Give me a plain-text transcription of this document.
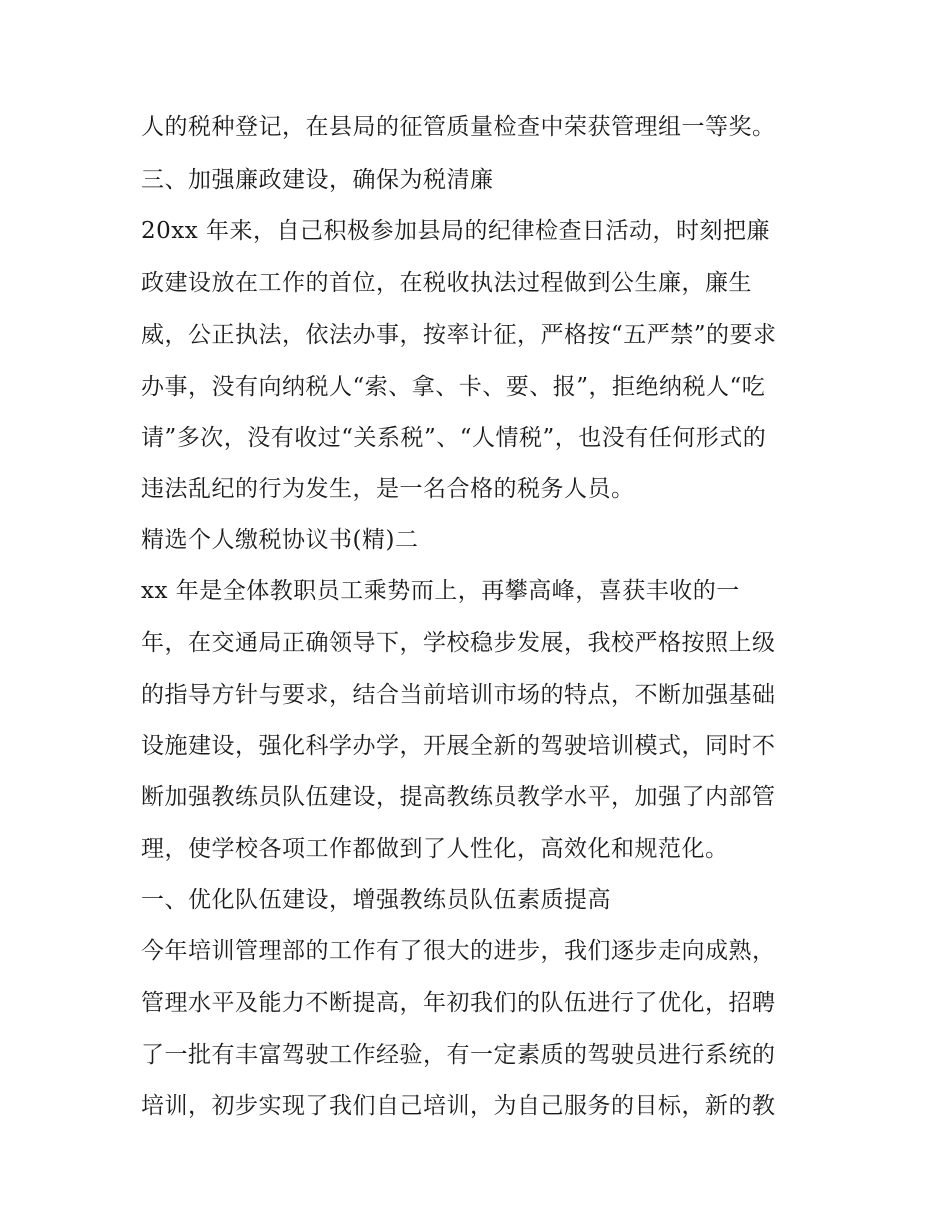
人的税种登记，在县局的征管质量检查中荣获管理组一等奖。
三、加强廉政建设，确保为税清廉
20xx 年来，自己积极参加县局的纪律检查日活动，时刻把廉
政建设放在工作的首位，在税收执法过程做到公生廉，廉生
威，公正执法，依法办事，按率计征，严格按“五严禁”的要求
办事，没有向纳税人“索、拿、卡、要、报”，拒绝纳税人“吃
请”多次，没有收过“关系税”、“人情税”，也没有任何形式的
违法乱纪的行为发生，是一名合格的税务人员。
精选个人缴税协议书(精)二
xx 年是全体教职员工乘势而上，再攀高峰，喜获丰收的一
年，在交通局正确领导下，学校稳步发展，我校严格按照上级
的指导方针与要求，结合当前培训市场的特点，不断加强基础
设施建设，强化科学办学，开展全新的驾驶培训模式，同时不
断加强教练员队伍建设，提高教练员教学水平，加强了内部管
理，使学校各项工作都做到了人性化，高效化和规范化。
一、优化队伍建设，增强教练员队伍素质提高
今年培训管理部的工作有了很大的进步，我们逐步走向成熟，
管理水平及能力不断提高，年初我们的队伍进行了优化，招聘
了一批有丰富驾驶工作经验，有一定素质的驾驶员进行系统的
培训，初步实现了我们自己培训，为自己服务的目标，新的教
